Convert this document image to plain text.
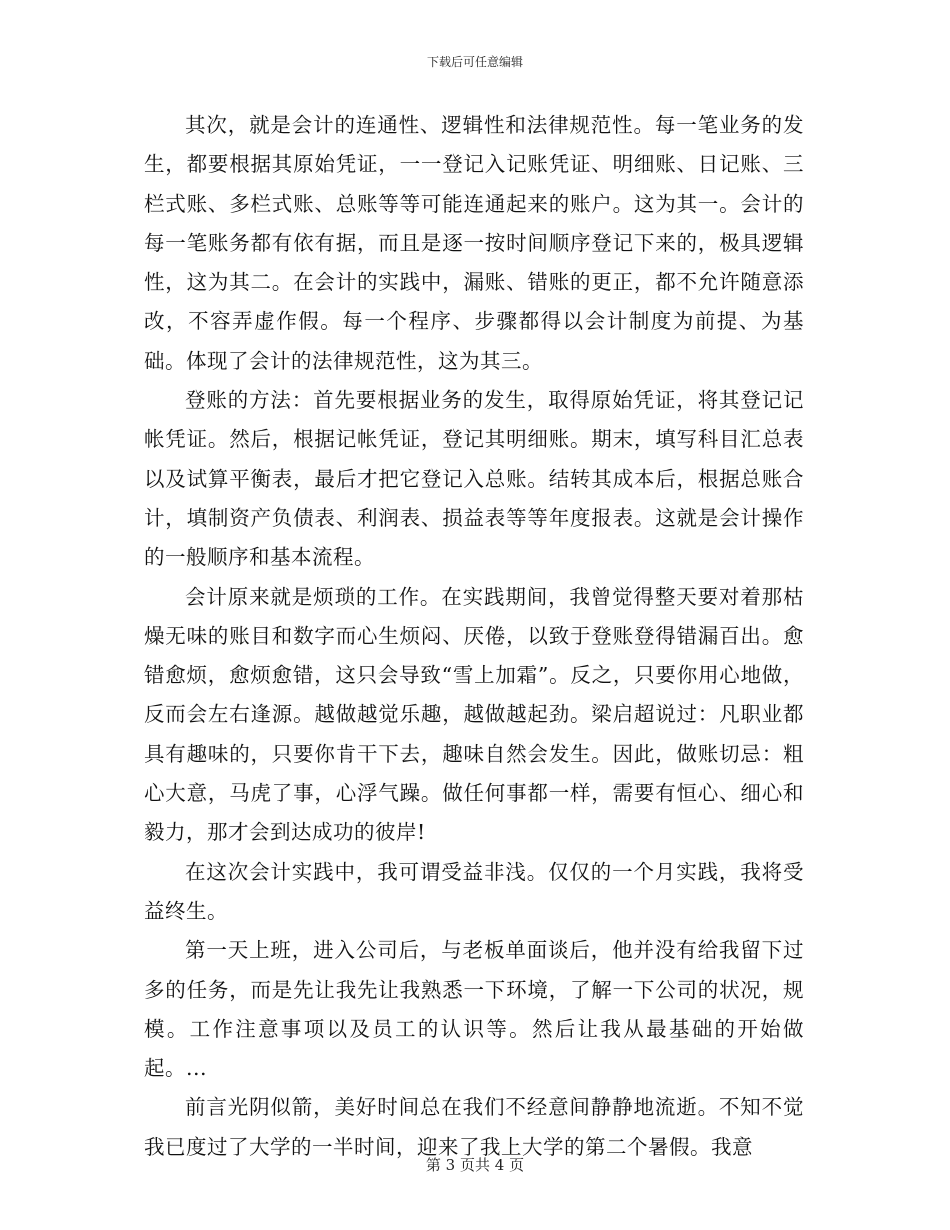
下载后可任意编辑

其次，就是会计的连通性、逻辑性和法律规范性。每一笔业务的发生，都要根据其原始凭证，一一登记入记账凭证、明细账、日记账、三栏式账、多栏式账、总账等等可能连通起来的账户。这为其一。会计的每一笔账务都有依有据，而且是逐一按时间顺序登记下来的，极具逻辑性，这为其二。在会计的实践中，漏账、错账的更正，都不允许随意添改，不容弄虚作假。每一个程序、步骤都得以会计制度为前提、为基础。体现了会计的法律规范性，这为其三。

登账的方法：首先要根据业务的发生，取得原始凭证，将其登记记帐凭证。然后，根据记帐凭证，登记其明细账。期末，填写科目汇总表以及试算平衡表，最后才把它登记入总账。结转其成本后，根据总账合计，填制资产负债表、利润表、损益表等等年度报表。这就是会计操作的一般顺序和基本流程。

会计原来就是烦琐的工作。在实践期间，我曾觉得整天要对着那枯燥无味的账目和数字而心生烦闷、厌倦，以致于登账登得错漏百出。愈错愈烦，愈烦愈错，这只会导致“雪上加霜”。反之，只要你用心地做，反而会左右逢源。越做越觉乐趣，越做越起劲。梁启超说过：凡职业都具有趣味的，只要你肯干下去，趣味自然会发生。因此，做账切忌：粗心大意，马虎了事，心浮气躁。做任何事都一样，需要有恒心、细心和毅力，那才会到达成功的彼岸!

在这次会计实践中，我可谓受益非浅。仅仅的一个月实践，我将受益终生。

第一天上班，进入公司后，与老板单面谈后，他并没有给我留下过多的任务，而是先让我先让我熟悉一下环境，了解一下公司的状况，规模。工作注意事项以及员工的认识等。然后让我从最基础的开始做起。...

前言光阴似箭，美好时间总在我们不经意间静静地流逝。不知不觉我已度过了大学的一半时间，迎来了我上大学的第二个暑假。我意

第 3 页共 4 页
